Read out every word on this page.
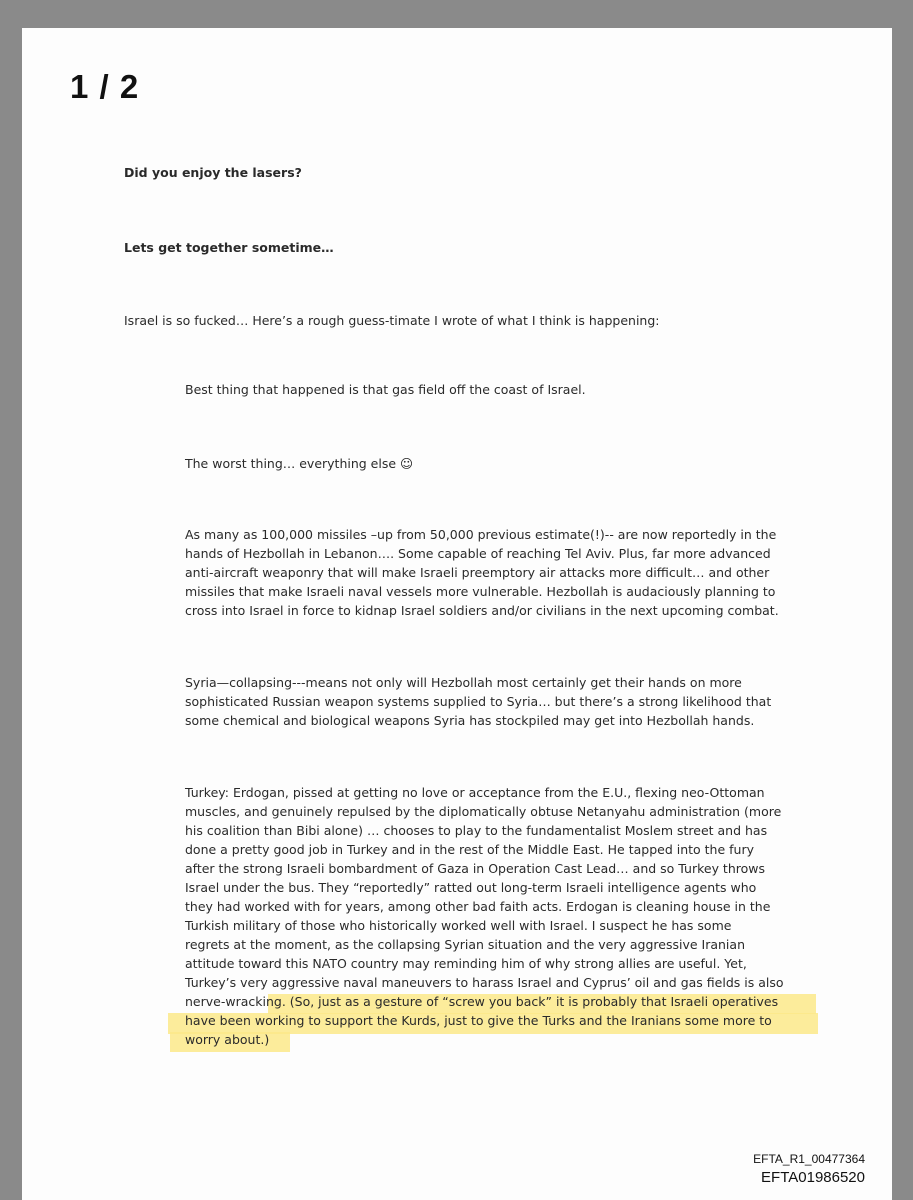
1 / 2

Did you enjoy the lasers?

Lets get together sometime…

Israel is so fucked… Here’s a rough guess-timate I wrote of what I think is happening:

Best thing that happened is that gas field off the coast of Israel.

The worst thing… everything else ☺

As many as 100,000 missiles –up from 50,000 previous estimate(!)-- are now reportedly in the
hands of Hezbollah in Lebanon…. Some capable of reaching Tel Aviv. Plus, far more advanced
anti-aircraft weaponry that will make Israeli preemptory air attacks more difficult… and other
missiles that make Israeli naval vessels more vulnerable. Hezbollah is audaciously planning to
cross into Israel in force to kidnap Israel soldiers and/or civilians in the next upcoming combat.
Syria—collapsing---means not only will Hezbollah most certainly get their hands on more
sophisticated Russian weapon systems supplied to Syria… but there’s a strong likelihood that
some chemical and biological weapons Syria has stockpiled may get into Hezbollah hands.
Turkey: Erdogan, pissed at getting no love or acceptance from the E.U., flexing neo-Ottoman
muscles, and genuinely repulsed by the diplomatically obtuse Netanyahu administration (more
his coalition than Bibi alone) … chooses to play to the fundamentalist Moslem street and has
done a pretty good job in Turkey and in the rest of the Middle East. He tapped into the fury
after the strong Israeli bombardment of Gaza in Operation Cast Lead… and so Turkey throws
Israel under the bus. They “reportedly” ratted out long-term Israeli intelligence agents who
they had worked with for years, among other bad faith acts. Erdogan is cleaning house in the
Turkish military of those who historically worked well with Israel. I suspect he has some
regrets at the moment, as the collapsing Syrian situation and the very aggressive Iranian
attitude toward this NATO country may reminding him of why strong allies are useful. Yet,
Turkey’s very aggressive naval maneuvers to harass Israel and Cyprus’ oil and gas fields is also
nerve-wracking. (So, just as a gesture of “screw you back” it is probably that Israeli operatives
have been working to support the Kurds, just to give the Turks and the Iranians some more to
worry about.)
EFTA_R1_00477364
EFTA01986520
